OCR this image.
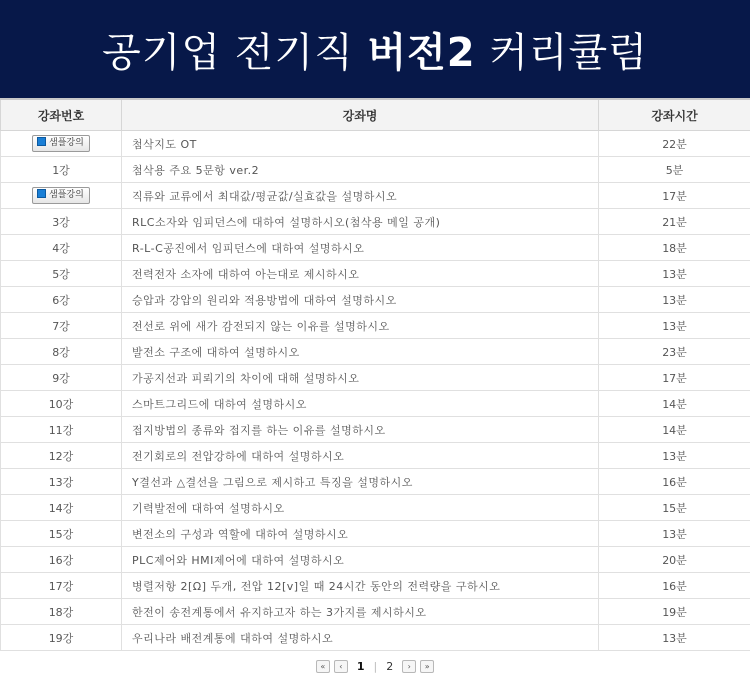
공기업 전기직 버전2 커리큘럼
강좌번호	강좌명	강좌시간
샘플강의	첨삭지도 OT	22분
1강	첨삭용 주요 5문항 ver.2	5분
샘플강의	직류와 교류에서 최대값/평균값/실효값을 설명하시오	17분
3강	RLC소자와 임피던스에 대하여 설명하시오(첨삭용 메일 공개)	21분
4강	R-L-C공진에서 임피던스에 대하여 설명하시오	18분
5강	전력전자 소자에 대하여 아는대로 제시하시오	13분
6강	승압과 강압의 원리와 적용방법에 대하여 설명하시오	13분
7강	전선로 위에 새가 감전되지 않는 이유를 설명하시오	13분
8강	발전소 구조에 대하여 설명하시오	23분
9강	가공지선과 피뢰기의 차이에 대해 설명하시오	17분
10강	스마트그리드에 대하여 설명하시오	14분
11강	접지방법의 종류와 접지를 하는 이유를 설명하시오	14분
12강	전기회로의 전압강하에 대하여 설명하시오	13분
13강	Y결선과 △결선을 그림으로 제시하고 특징을 설명하시오	16분
14강	기력발전에 대하여 설명하시오	15분
15강	변전소의 구성과 역할에 대하여 설명하시오	13분
16강	PLC제어와 HMI제어에 대하여 설명하시오	20분
17강	병렬저항 2[Ω] 두개, 전압 12[v]일 때 24시간 동안의 전력량을 구하시오	16분
18강	한전이 송전계통에서 유지하고자 하는 3가지를 제시하시오	19분
19강	우리나라 배전계통에 대하여 설명하시오	13분
«	‹	1 | 2	›	»
